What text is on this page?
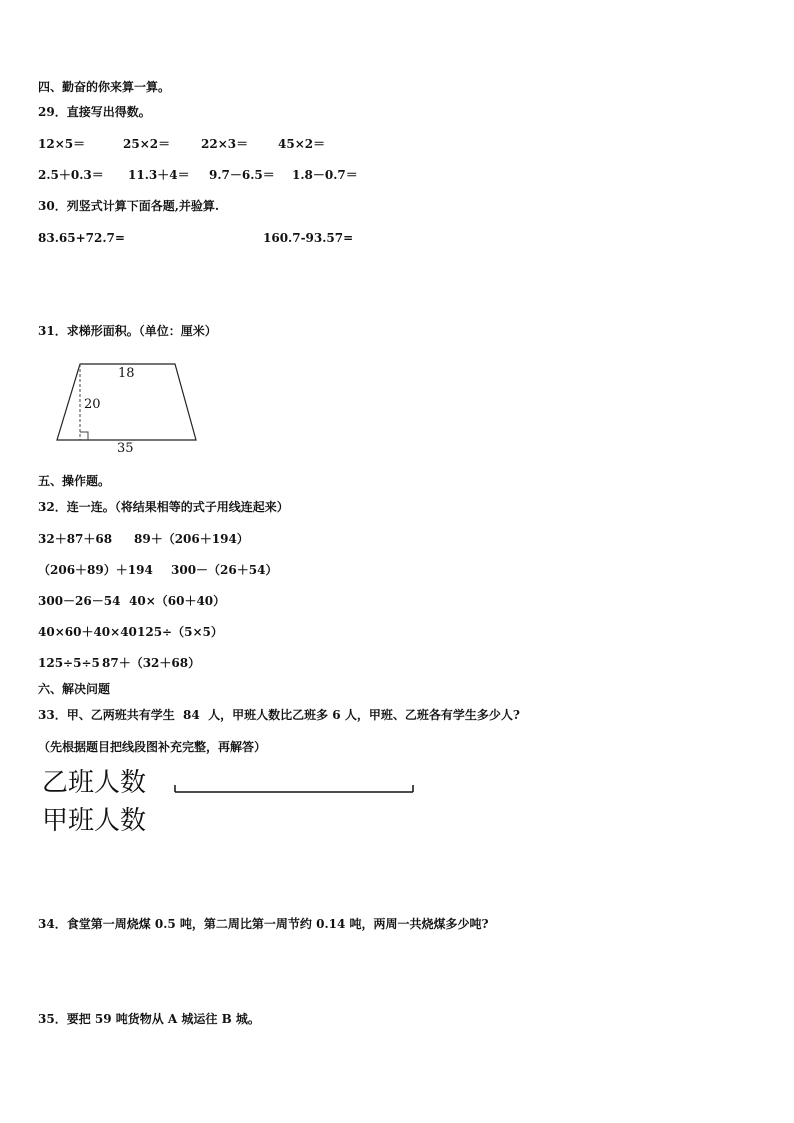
四、勤奋的你来算一算。
29．直接写出得数。
12×5＝	25×2＝	22×3＝ 45×2＝
2.5＋0.3＝ 11.3＋4＝ 9.7－6.5＝ 1.8－0.7＝
30．列竖式计算下面各题,并验算.
83.65+72.7=	160.7-93.57=
31．求梯形面积。（单位：厘米）
18
20
35
五、操作题。
32．连一连。（将结果相等的式子用线连起来）
32＋87＋68 89＋（206＋194）
（206＋89）＋194 300－（26＋54）
300－26－54 40×（60＋40）
40×60＋40×40 125÷（5×5）
125÷5÷5 87＋（32＋68）
六、解决问题
33．甲、乙两班共有学生  84  人，甲班人数比乙班多 6 人，甲班、乙班各有学生多少人?
（先根据题目把线段图补充完整，再解答）
乙班人数
甲班人数
34．食堂第一周烧煤 0.5 吨，第二周比第一周节约 0.14 吨，两周一共烧煤多少吨?
35．要把 59 吨货物从 A 城运往 B 城。
